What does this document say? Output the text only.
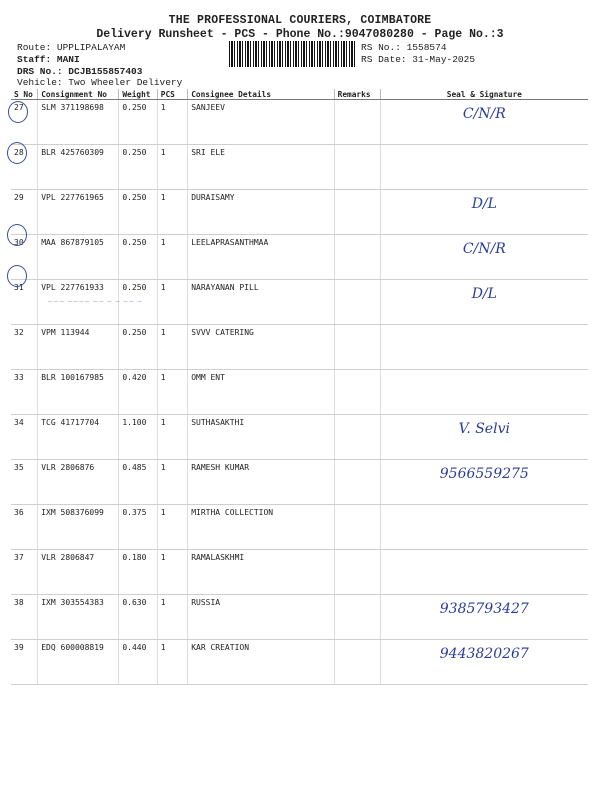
THE PROFESSIONAL COURIERS, COIMBATORE
Delivery Runsheet - PCS - Phone No.:9047080280 - Page No.:3
Route: UPPLIPALAYAM
Staff: MANI
DRS No.: DCJB155857403
Vehicle: Two Wheeler Delivery
RS No.: 1558574
RS Date: 31-May-2025
S No	Consignment No	Weight	PCS	Consignee Details	Remarks	Seal & Signature
27	SLM 371198698	0.250	1	SANJEEV		C/N/R
28	BLR 425760309	0.250	1	SRI ELE		
29	VPL 227761965	0.250	1	DURAISAMY		D/L
30	MAA 867879105	0.250	1	LEELAPRASANTHMAA		C/N/R
31	VPL 227761933	0.250	1	NARAYANAN PILL		D/L
32	VPM 113944	0.250	1	SVVV CATERING		
33	BLR 100167985	0.420	1	OMM ENT		
34	TCG 41717704	1.100	1	SUTHASAKTHI		V. Selvi
35	VLR 2806876	0.485	1	RAMESH KUMAR		9566559275
36	IXM 508376099	0.375	1	MIRTHA COLLECTION		
37	VLR 2806847	0.180	1	RAMALASKHMI		
38	IXM 303554383	0.630	1	RUSSIA		9385793427
39	EDQ 600008819	0.440	1	KAR CREATION		9443820267
~~~ ~~~~ ~~ ~ ~ ~~ ~
